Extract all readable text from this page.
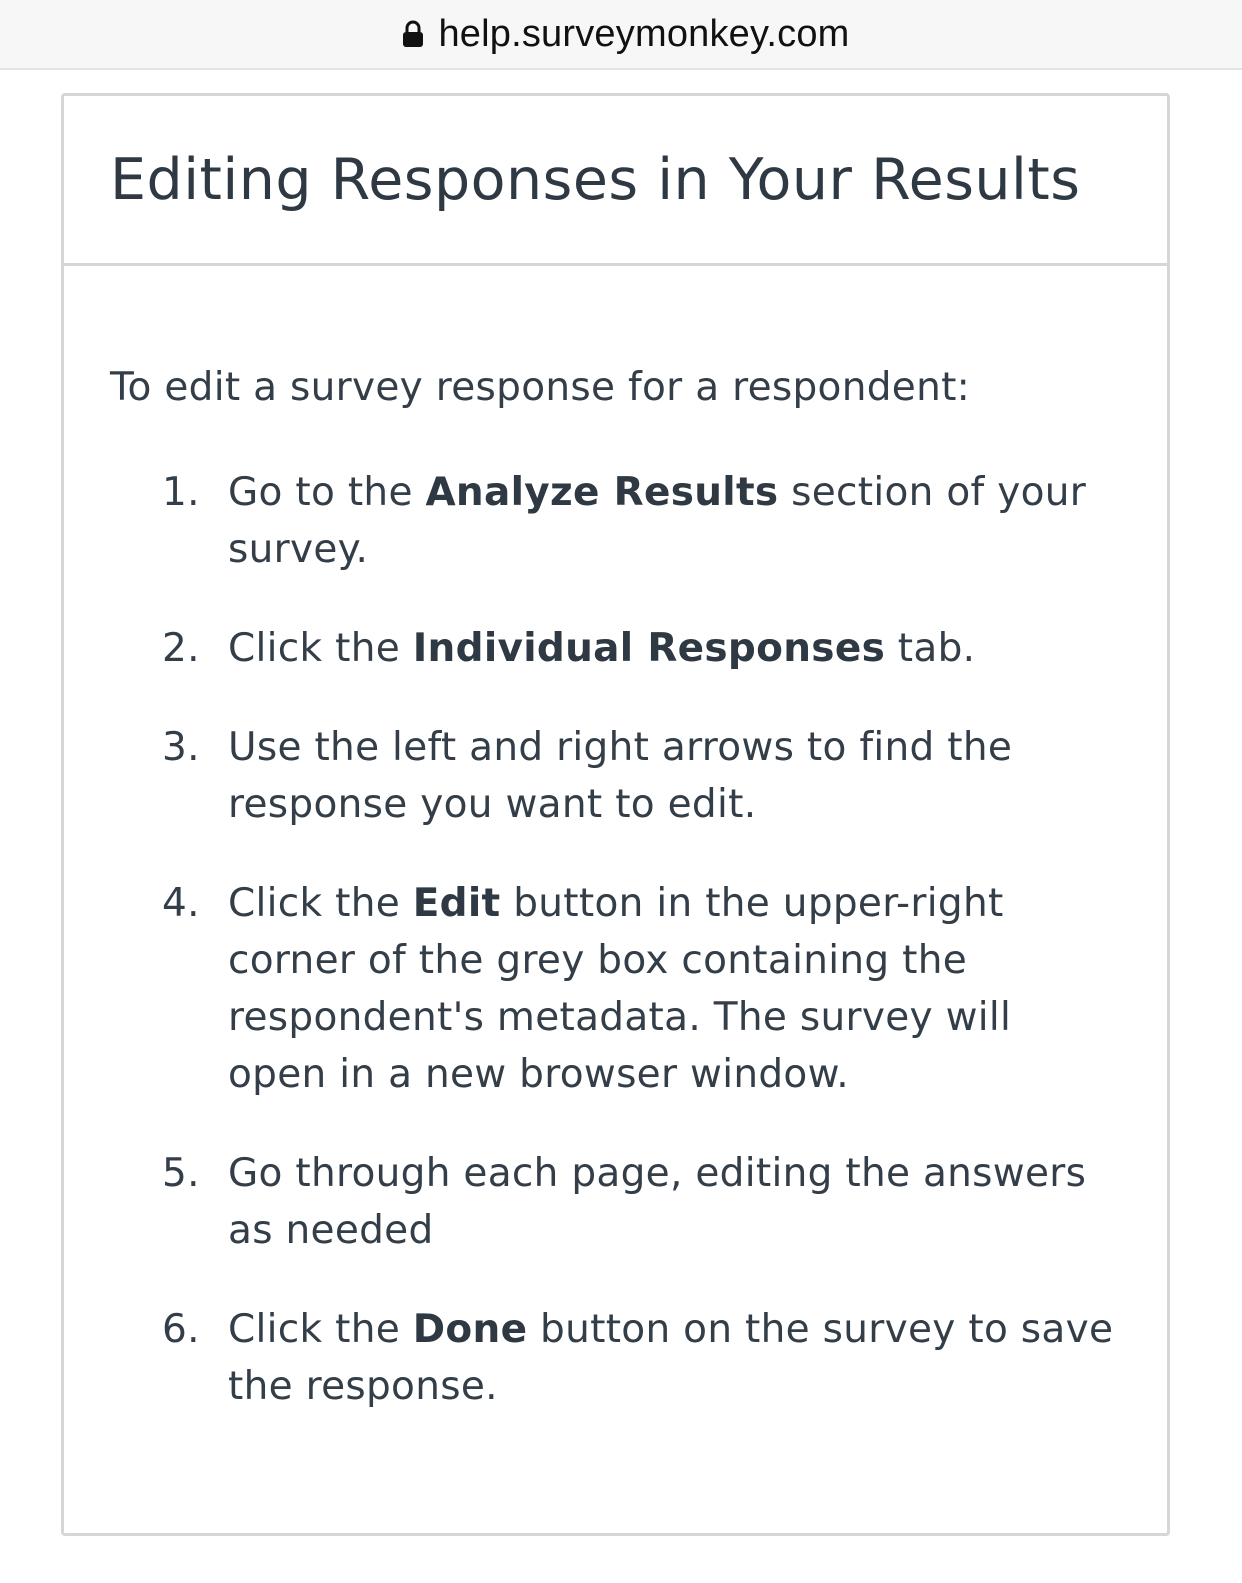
help.surveymonkey.com
Editing Responses in Your Results

To edit a survey response for a respondent:

1. Go to the Analyze Results section of your survey.
2. Click the Individual Responses tab.
3. Use the left and right arrows to find the response you want to edit.
4. Click the Edit button in the upper-right corner of the grey box containing the respondent's metadata. The survey will open in a new browser window.
5. Go through each page, editing the answers as needed
6. Click the Done button on the survey to save the response.
